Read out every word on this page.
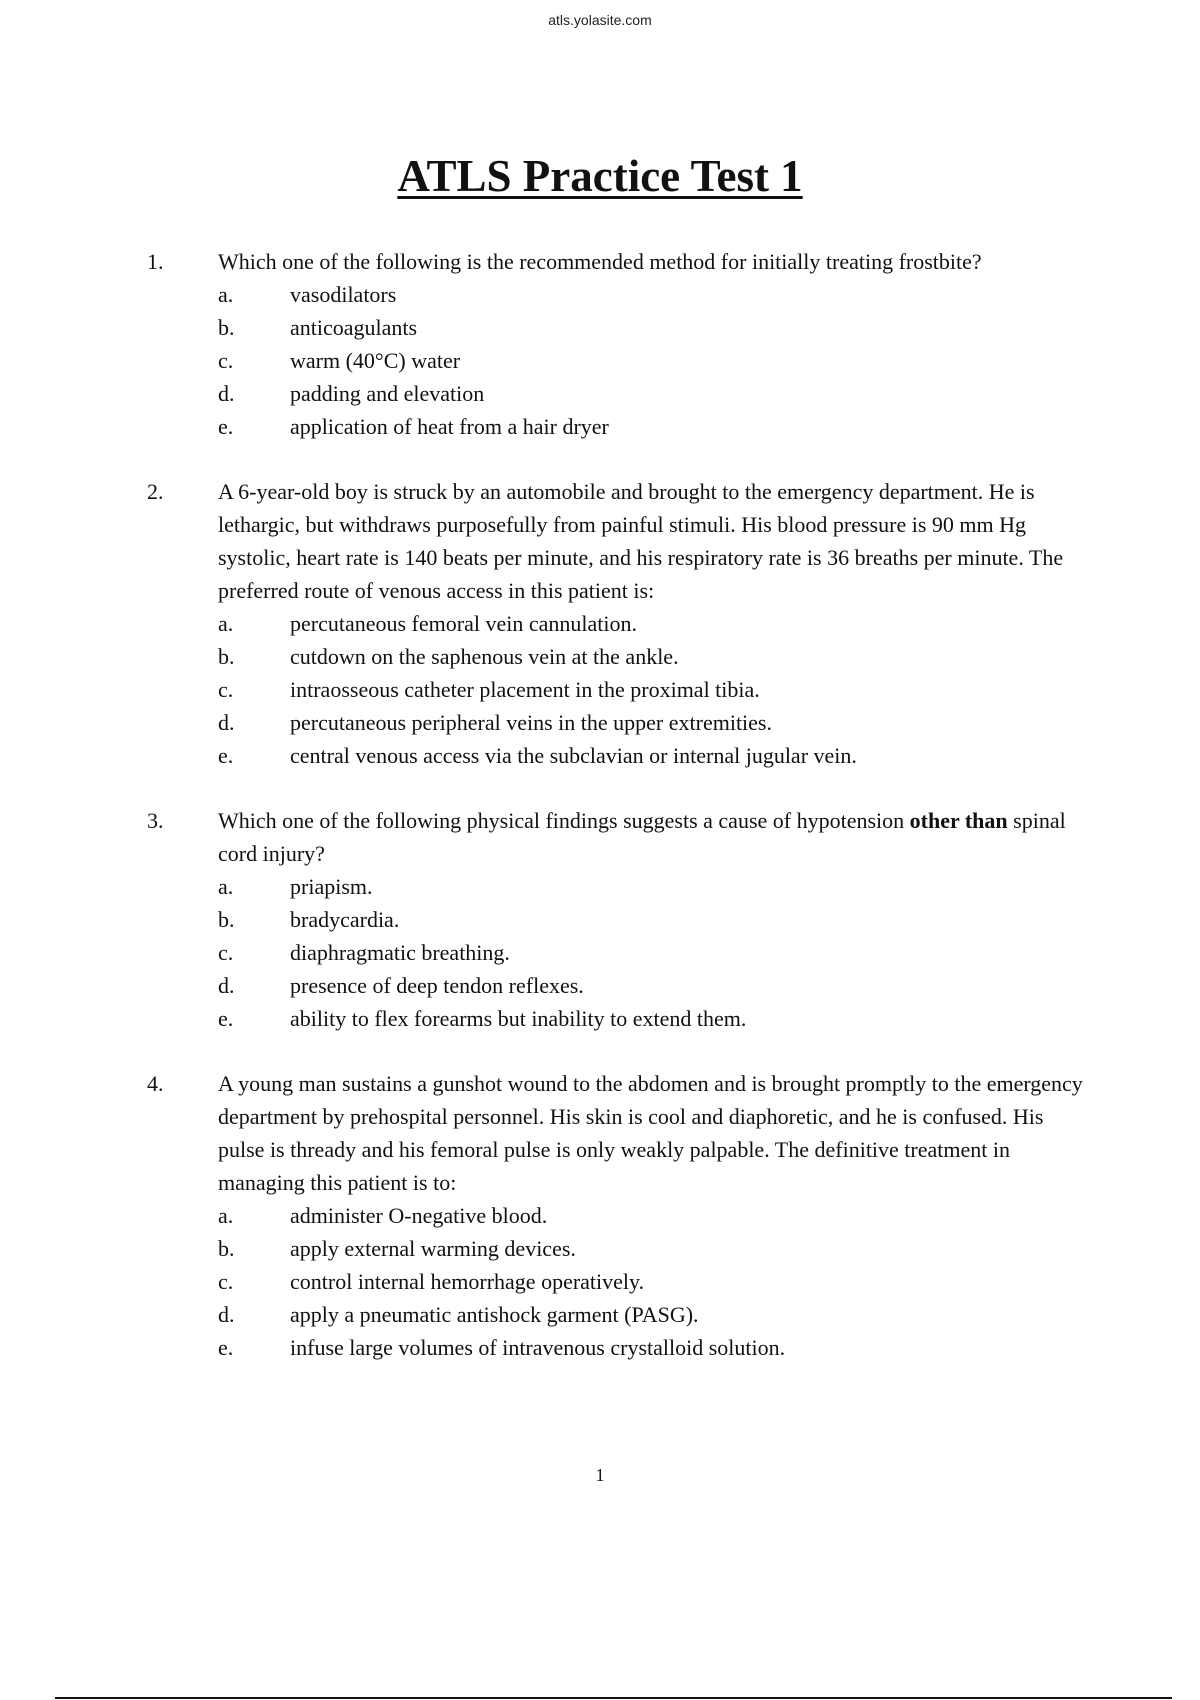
atls.yolasite.com
ATLS Practice Test 1
1. Which one of the following is the recommended method for initially treating frostbite?
a.	vasodilators
b.	anticoagulants
c.	warm (40°C) water
d.	padding and elevation
e.	application of heat from a hair dryer
2. A 6-year-old boy is struck by an automobile and brought to the emergency department. He is lethargic, but withdraws purposefully from painful stimuli. His blood pressure is 90 mm Hg systolic, heart rate is 140 beats per minute, and his respiratory rate is 36 breaths per minute. The preferred route of venous access in this patient is:
a.	percutaneous femoral vein cannulation.
b.	cutdown on the saphenous vein at the ankle.
c.	intraosseous catheter placement in the proximal tibia.
d.	percutaneous peripheral veins in the upper extremities.
e.	central venous access via the subclavian or internal jugular vein.
3. Which one of the following physical findings suggests a cause of hypotension other than spinal cord injury?
a.	priapism.
b.	bradycardia.
c.	diaphragmatic breathing.
d.	presence of deep tendon reflexes.
e.	ability to flex forearms but inability to extend them.
4. A young man sustains a gunshot wound to the abdomen and is brought promptly to the emergency department by prehospital personnel. His skin is cool and diaphoretic, and he is confused. His pulse is thready and his femoral pulse is only weakly palpable. The definitive treatment in managing this patient is to:
a.	administer O-negative blood.
b.	apply external warming devices.
c.	control internal hemorrhage operatively.
d.	apply a pneumatic antishock garment (PASG).
e.	infuse large volumes of intravenous crystalloid solution.
1
